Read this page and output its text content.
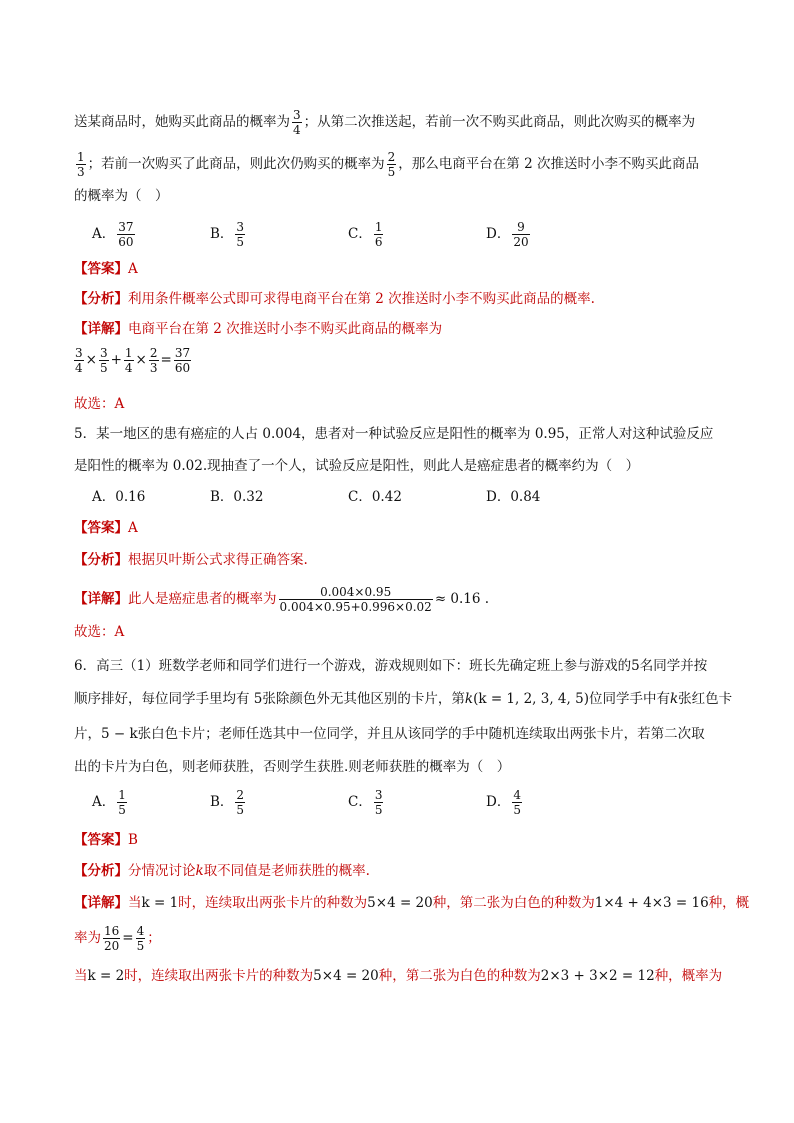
送某商品时，她购买此商品的概率为 $\frac{3}{4}$ ；从第二次推送起，若前一次不购买此商品，则此次购买的概率为
$\frac{1}{3}$ ；若前一次购买了此商品，则此次仍购买的概率为 $\frac{2}{5}$ ，那么电商平台在第 2 次推送时小李不购买此商品
的概率为（　）
A． $\frac{37}{60}$	B． $\frac{3}{5}$	C． $\frac{1}{6}$	D． $\frac{9}{20}$
【答案】A
【分析】利用条件概率公式即可求得电商平台在第 2 次推送时小李不购买此商品的概率.
【详解】电商平台在第 2 次推送时小李不购买此商品的概率为
$\frac{3}{4} \times \frac{3}{5} + \frac{1}{4} \times \frac{2}{3} = \frac{37}{60}$
故选：A
5．某一地区的患有癌症的人占 0.004，患者对一种试验反应是阳性的概率为 0.95，正常人对这种试验反应
是阳性的概率为 0.02.现抽查了一个人，试验反应是阳性，则此人是癌症患者的概率约为（　）
A．0.16	B．0.32	C．0.42	D．0.84
【答案】A
【分析】根据贝叶斯公式求得正确答案.
【详解】此人是癌症患者的概率为 $\frac{0.004\times 0.95}{0.004\times 0.95+0.996\times 0.02} \approx 0.16$ .
故选：A
6．高三（1）班数学老师和同学们进行一个游戏，游戏规则如下：班长先确定班上参与游戏的5名同学并按
顺序排好，每位同学手里均有 5张除颜色外无其他区别的卡片，第k(k = 1, 2, 3, 4, 5)位同学手中有k张红色卡
片，5 − k张白色卡片；老师任选其中一位同学，并且从该同学的手中随机连续取出两张卡片，若第二次取
出的卡片为白色，则老师获胜，否则学生获胜.则老师获胜的概率为（　）
A． $\frac{1}{5}$	B． $\frac{2}{5}$	C． $\frac{3}{5}$	D． $\frac{4}{5}$
【答案】B
【分析】分情况讨论k取不同值是老师获胜的概率.
【详解】当k = 1时，连续取出两张卡片的种数为5×4 = 20种，第二张为白色的种数为1×4 + 4×3 = 16种，概
率为 $\frac{16}{20} = \frac{4}{5}$ ；
当k = 2时，连续取出两张卡片的种数为5×4 = 20种，第二张为白色的种数为2×3 + 3×2 = 12种，概率为
